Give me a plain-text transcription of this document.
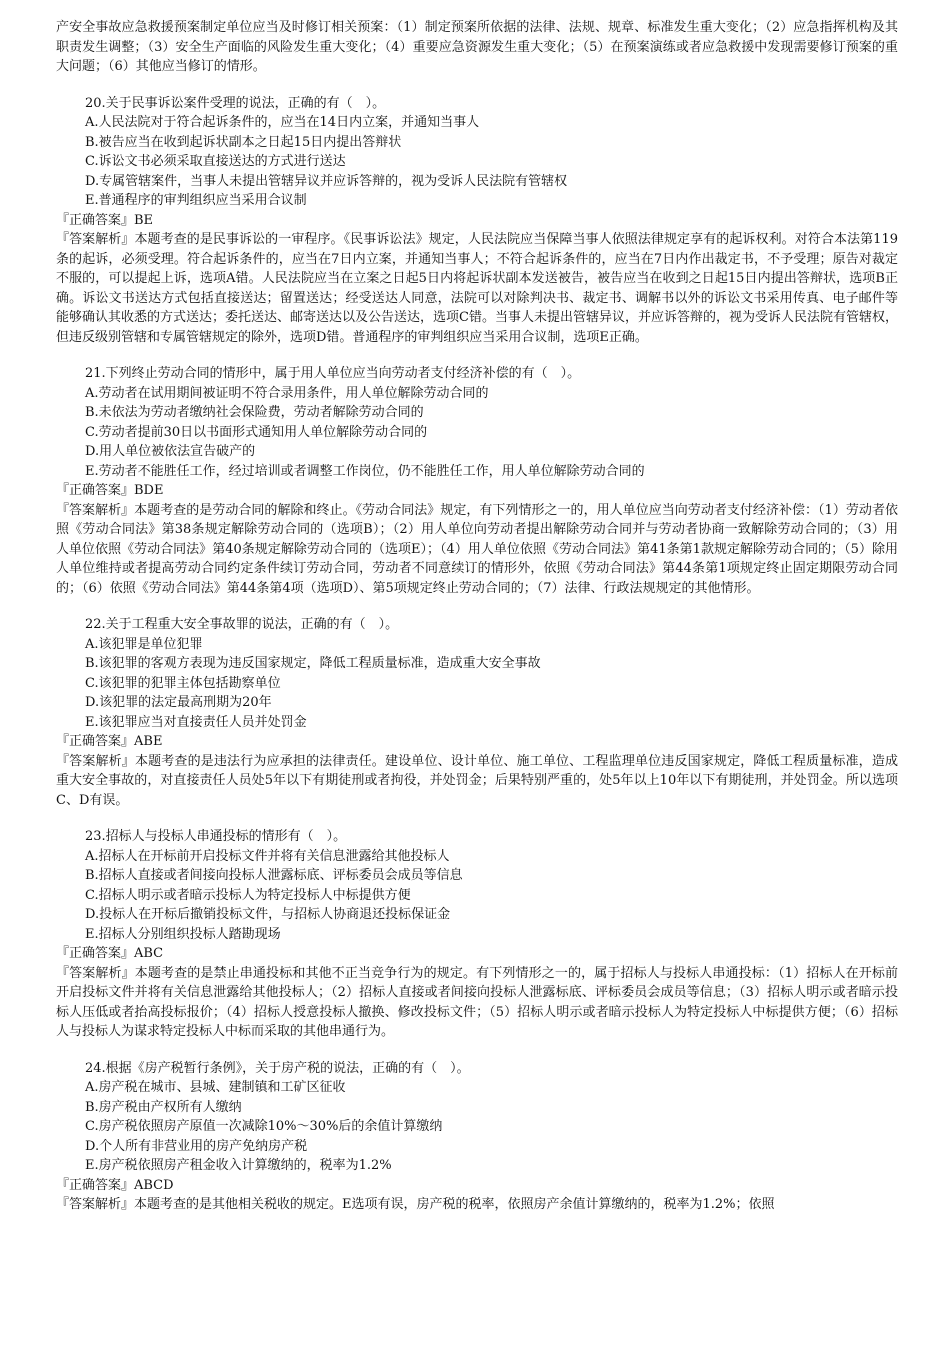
产安全事故应急救援预案制定单位应当及时修订相关预案：（1）制定预案所依据的法律、法规、规章、标准发生重大变化；（2）应急指挥机构及其职责发生调整；（3）安全生产面临的风险发生重大变化；（4）重要应急资源发生重大变化；（5）在预案演练或者应急救援中发现需要修订预案的重大问题；（6）其他应当修订的情形。

20.关于民事诉讼案件受理的说法，正确的有（　）。

A.人民法院对于符合起诉条件的，应当在14日内立案，并通知当事人

B.被告应当在收到起诉状副本之日起15日内提出答辩状

C.诉讼文书必须采取直接送达的方式进行送达

D.专属管辖案件，当事人未提出管辖异议并应诉答辩的，视为受诉人民法院有管辖权

E.普通程序的审判组织应当采用合议制

『正确答案』BE

『答案解析』本题考查的是民事诉讼的一审程序。《民事诉讼法》规定，人民法院应当保障当事人依照法律规定享有的起诉权利。对符合本法第119条的起诉，必须受理。符合起诉条件的，应当在7日内立案，并通知当事人；不符合起诉条件的，应当在7日内作出裁定书，不予受理；原告对裁定不服的，可以提起上诉，选项A错。人民法院应当在立案之日起5日内将起诉状副本发送被告，被告应当在收到之日起15日内提出答辩状，选项B正确。诉讼文书送达方式包括直接送达；留置送达；经受送达人同意，法院可以对除判决书、裁定书、调解书以外的诉讼文书采用传真、电子邮件等能够确认其收悉的方式送达；委托送达、邮寄送达以及公告送达，选项C错。当事人未提出管辖异议，并应诉答辩的，视为受诉人民法院有管辖权，但违反级别管辖和专属管辖规定的除外，选项D错。普通程序的审判组织应当采用合议制，选项E正确。

21.下列终止劳动合同的情形中，属于用人单位应当向劳动者支付经济补偿的有（　）。

A.劳动者在试用期间被证明不符合录用条件，用人单位解除劳动合同的

B.未依法为劳动者缴纳社会保险费，劳动者解除劳动合同的

C.劳动者提前30日以书面形式通知用人单位解除劳动合同的

D.用人单位被依法宣告破产的

E.劳动者不能胜任工作，经过培训或者调整工作岗位，仍不能胜任工作，用人单位解除劳动合同的

『正确答案』BDE

『答案解析』本题考查的是劳动合同的解除和终止。《劳动合同法》规定，有下列情形之一的，用人单位应当向劳动者支付经济补偿：（1）劳动者依照《劳动合同法》第38条规定解除劳动合同的（选项B）；（2）用人单位向劳动者提出解除劳动合同并与劳动者协商一致解除劳动合同的；（3）用人单位依照《劳动合同法》第40条规定解除劳动合同的（选项E）；（4）用人单位依照《劳动合同法》第41条第1款规定解除劳动合同的；（5）除用人单位维持或者提高劳动合同约定条件续订劳动合同，劳动者不同意续订的情形外，依照《劳动合同法》第44条第1项规定终止固定期限劳动合同的；（6）依照《劳动合同法》第44条第4项（选项D）、第5项规定终止劳动合同的；（7）法律、行政法规规定的其他情形。

22.关于工程重大安全事故罪的说法，正确的有（　）。

A.该犯罪是单位犯罪

B.该犯罪的客观方表现为违反国家规定，降低工程质量标准，造成重大安全事故

C.该犯罪的犯罪主体包括勘察单位

D.该犯罪的法定最高刑期为20年

E.该犯罪应当对直接责任人员并处罚金

『正确答案』ABE

『答案解析』本题考查的是违法行为应承担的法律责任。建设单位、设计单位、施工单位、工程监理单位违反国家规定，降低工程质量标准，造成重大安全事故的，对直接责任人员处5年以下有期徒刑或者拘役，并处罚金；后果特别严重的，处5年以上10年以下有期徒刑，并处罚金。所以选项C、D有误。

23.招标人与投标人串通投标的情形有（　）。

A.招标人在开标前开启投标文件并将有关信息泄露给其他投标人

B.招标人直接或者间接向投标人泄露标底、评标委员会成员等信息

C.招标人明示或者暗示投标人为特定投标人中标提供方便

D.投标人在开标后撤销投标文件，与招标人协商退还投标保证金

E.招标人分别组织投标人踏勘现场

『正确答案』ABC

『答案解析』本题考查的是禁止串通投标和其他不正当竞争行为的规定。有下列情形之一的，属于招标人与投标人串通投标：（1）招标人在开标前开启投标文件并将有关信息泄露给其他投标人；（2）招标人直接或者间接向投标人泄露标底、评标委员会成员等信息；（3）招标人明示或者暗示投标人压低或者抬高投标报价；（4）招标人授意投标人撤换、修改投标文件；（5）招标人明示或者暗示投标人为特定投标人中标提供方便；（6）招标人与投标人为谋求特定投标人中标而采取的其他串通行为。

24.根据《房产税暂行条例》，关于房产税的说法，正确的有（　）。

A.房产税在城市、县城、建制镇和工矿区征收

B.房产税由产权所有人缴纳

C.房产税依照房产原值一次减除10%～30%后的余值计算缴纳

D.个人所有非营业用的房产免纳房产税

E.房产税依照房产租金收入计算缴纳的，税率为1.2%

『正确答案』ABCD

『答案解析』本题考查的是其他相关税收的规定。E选项有误，房产税的税率，依照房产余值计算缴纳的，税率为1.2%；依照
